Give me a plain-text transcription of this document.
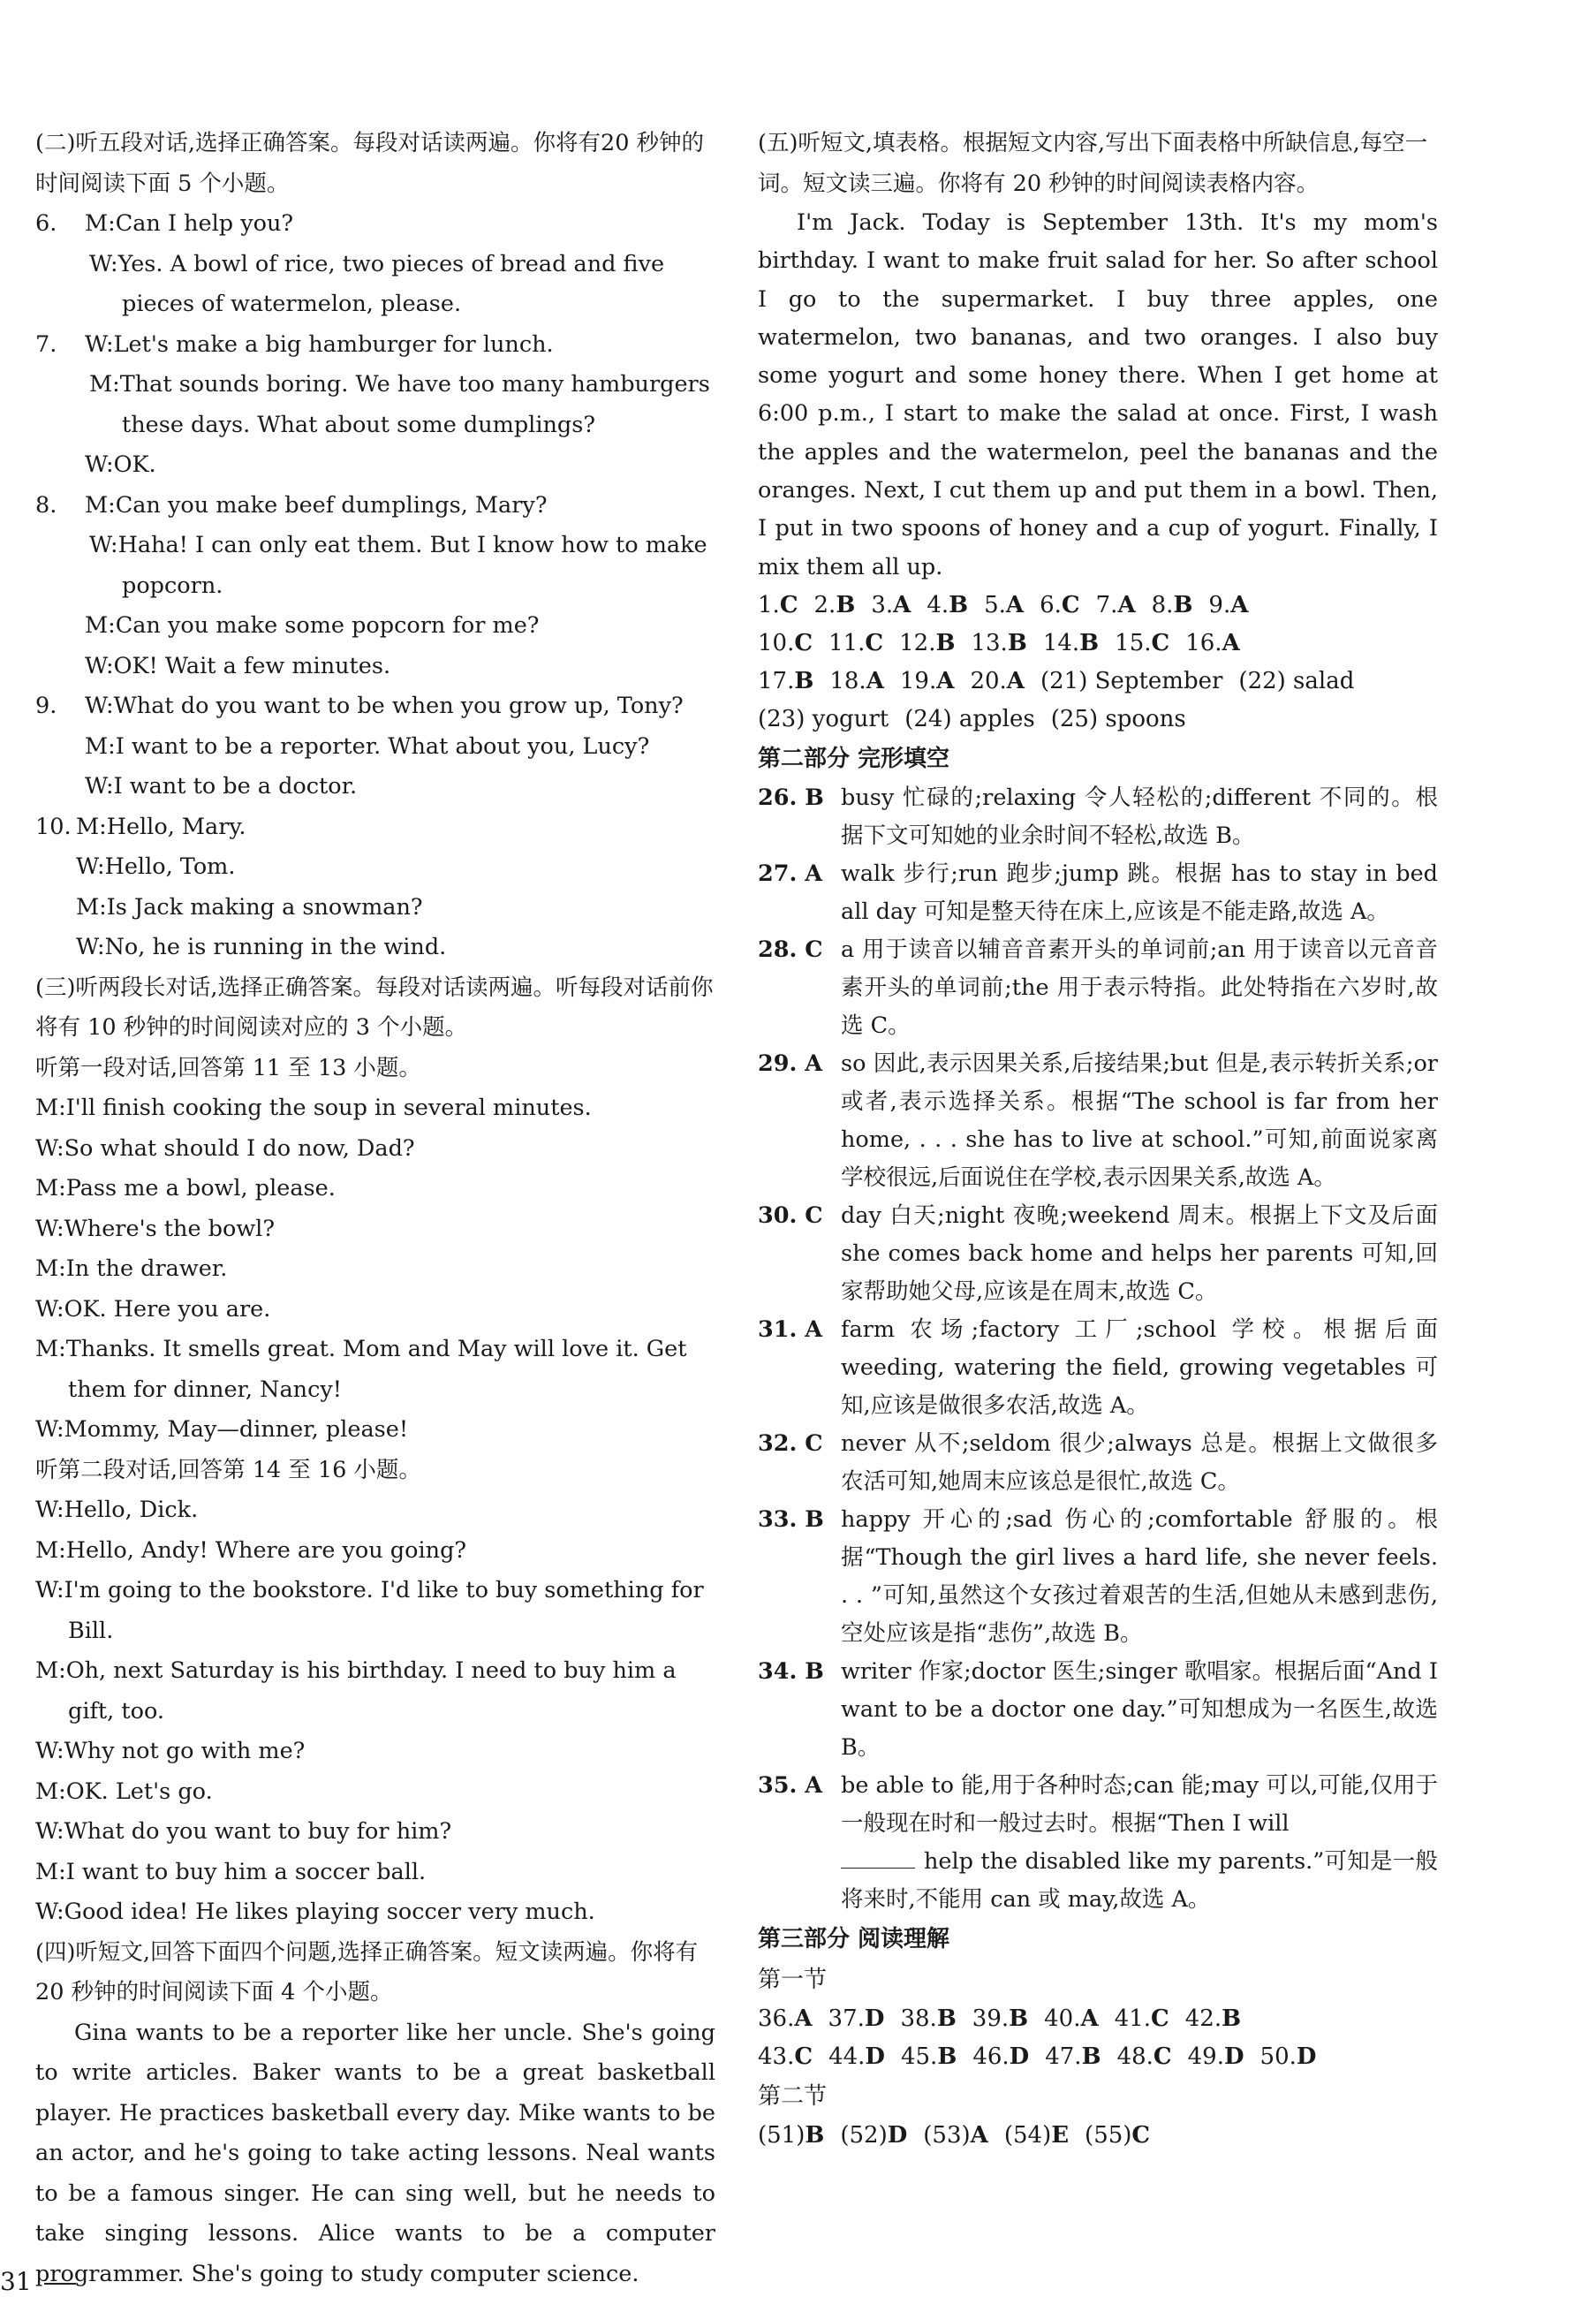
(二)听五段对话,选择正确答案。每段对话读两遍。你将有20 秒钟的时间阅读下面 5 个小题。

6. M:Can I help you?
W:Yes. A bowl of rice, two pieces of bread and five pieces of watermelon, please.
7. W:Let's make a big hamburger for lunch.
M:That sounds boring. We have too many hamburgers these days. What about some dumplings?
W:OK.
8. M:Can you make beef dumplings, Mary?
W:Haha! I can only eat them. But I know how to make popcorn.
M:Can you make some popcorn for me?
W:OK! Wait a few minutes.
9. W:What do you want to be when you grow up, Tony?
M:I want to be a reporter. What about you, Lucy?
W:I want to be a doctor.
10. M:Hello, Mary.
W:Hello, Tom.
M:Is Jack making a snowman?
W:No, he is running in the wind.

(三)听两段长对话,选择正确答案。每段对话读两遍。听每段对话前你将有 10 秒钟的时间阅读对应的 3 个小题。

听第一段对话,回答第 11 至 13 小题。

M:I'll finish cooking the soup in several minutes.
W:So what should I do now, Dad?
M:Pass me a bowl, please.
W:Where's the bowl?
M:In the drawer.
W:OK. Here you are.
M:Thanks. It smells great. Mom and May will love it. Get them for dinner, Nancy!
W:Mommy, May—dinner, please!

听第二段对话,回答第 14 至 16 小题。

W:Hello, Dick.
M:Hello, Andy! Where are you going?
W:I'm going to the bookstore. I'd like to buy something for Bill.
M:Oh, next Saturday is his birthday. I need to buy him a gift, too.
W:Why not go with me?
M:OK. Let's go.
W:What do you want to buy for him?
M:I want to buy him a soccer ball.
W:Good idea! He likes playing soccer very much.

(四)听短文,回答下面四个问题,选择正确答案。短文读两遍。你将有 20 秒钟的时间阅读下面 4 个小题。

Gina wants to be a reporter like her uncle. She's going to write articles. Baker wants to be a great basketball player. He practices basketball every day. Mike wants to be an actor, and he's going to take acting lessons. Neal wants to be a famous singer. He can sing well, but he needs to take singing lessons. Alice wants to be a computer programmer. She's going to study computer science.

(五)听短文,填表格。根据短文内容,写出下面表格中所缺信息,每空一词。短文读三遍。你将有 20 秒钟的时间阅读表格内容。

I'm Jack. Today is September 13th. It's my mom's birthday. I want to make fruit salad for her. So after school I go to the supermarket. I buy three apples, one watermelon, two bananas, and two oranges. I also buy some yogurt and some honey there. When I get home at 6:00 p.m., I start to make the salad at once. First, I wash the apples and the watermelon, peel the bananas and the oranges. Next, I cut them up and put them in a bowl. Then, I put in two spoons of honey and a cup of yogurt. Finally, I mix them all up.

1.C 2.B 3.A 4.B 5.A 6.C 7.A 8.B 9.A
10.C 11.C 12.B 13.B 14.B 15.C 16.A
17.B 18.A 19.A 20.A (21) September (22) salad
(23) yogurt (24) apples (25) spoons
第二部分 完形填空
26. B busy 忙碌的;relaxing 令人轻松的;different 不同的。根据下文可知她的业余时间不轻松,故选 B。
27. A walk 步行;run 跑步;jump 跳。根据 has to stay in bed all day 可知是整天待在床上,应该是不能走路,故选 A。
28. C a 用于读音以辅音音素开头的单词前;an 用于读音以元音音素开头的单词前;the 用于表示特指。此处特指在六岁时,故选 C。
29. A so 因此,表示因果关系,后接结果;but 但是,表示转折关系;or 或者,表示选择关系。根据“The school is far from her home, . . . she has to live at school.”可知,前面说家离学校很远,后面说住在学校,表示因果关系,故选 A。
30. C day 白天;night 夜晚;weekend 周末。根据上下文及后面 she comes back home and helps her parents 可知,回家帮助她父母,应该是在周末,故选 C。
31. A farm 农场;factory 工厂;school 学校。根据后面 weeding, watering the field, growing vegetables 可知,应该是做很多农活,故选 A。
32. C never 从不;seldom 很少;always 总是。根据上文做很多农活可知,她周末应该总是很忙,故选 C。
33. B happy 开心的;sad 伤心的;comfortable 舒服的。根据“Though the girl lives a hard life, she never feels. . . ”可知,虽然这个女孩过着艰苦的生活,但她从未感到悲伤,空处应该是指“悲伤”,故选 B。
34. B writer 作家;doctor 医生;singer 歌唱家。根据后面“And I want to be a doctor one day.”可知想成为一名医生,故选 B。
35. A be able to 能,用于各种时态;can 能;may 可以,可能,仅用于一般现在时和一般过去时。根据“Then I will
help the disabled like my parents.”可知是一般将来时,不能用 can 或 may,故选 A。
第三部分 阅读理解
第一节
36.A 37.D 38.B 39.B 40.A 41.C 42.B
43.C 44.D 45.B 46.D 47.B 48.C 49.D 50.D
第二节
(51)B (52)D (53)A (54)E (55)C
31
